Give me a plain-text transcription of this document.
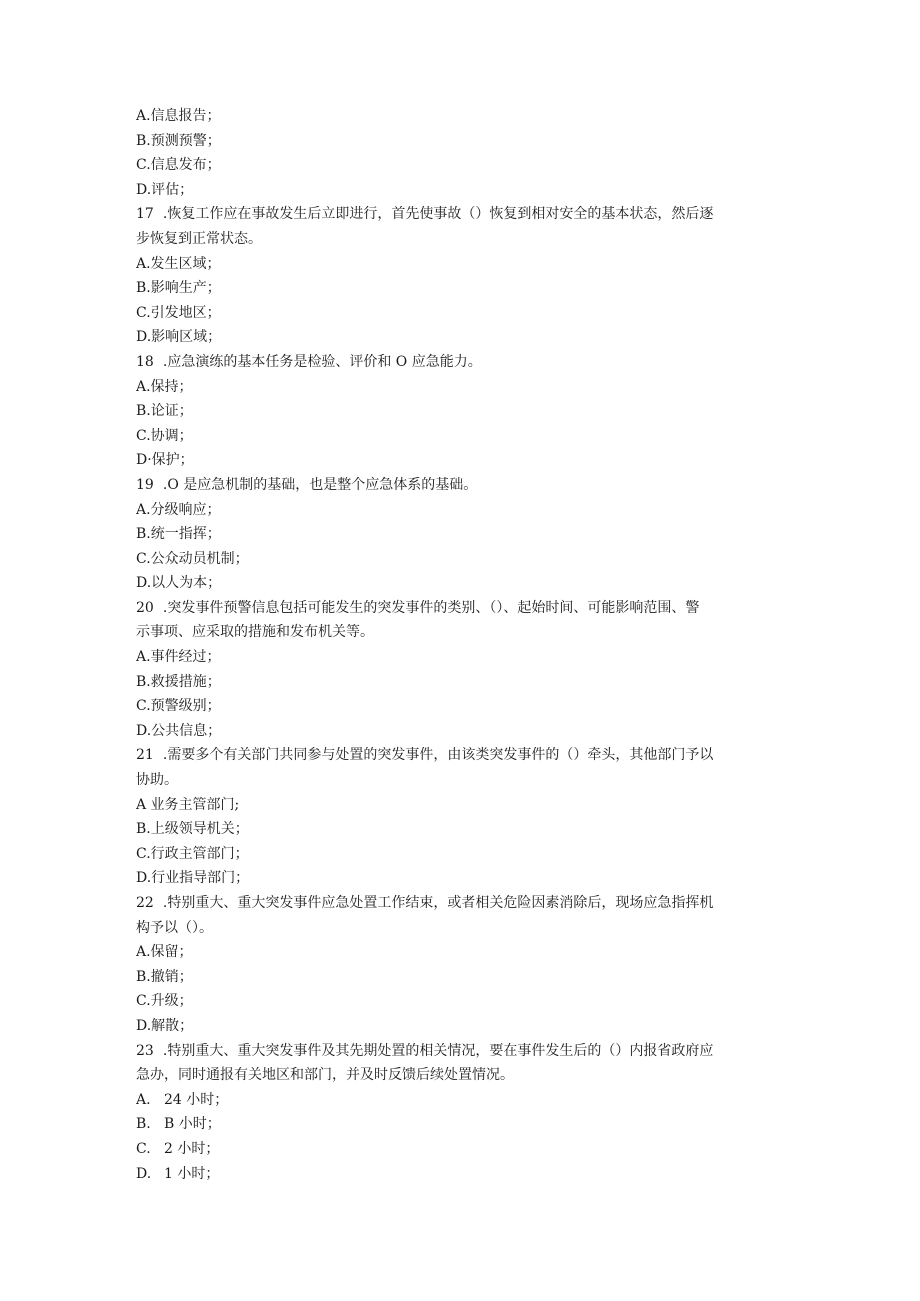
A.信息报告；
B.预测预警；
C.信息发布；
D.评估；
17 .恢复工作应在事故发生后立即进行，首先使事故（）恢复到相对安全的基本状态，然后逐
步恢复到正常状态。
A.发生区域；
B.影响生产；
C.引发地区；
D.影响区域；
18 .应急演练的基本任务是检验、评价和 O 应急能力。
A.保持；
B.论证；
C.协调；
D·保护；
19 .O 是应急机制的基础，也是整个应急体系的基础。
A.分级响应；
B.统一指挥；
C.公众动员机制；
D.以人为本；
20 .突发事件预警信息包括可能发生的突发事件的类别、（）、起始时间、可能影响范围、警
示事项、应采取的措施和发布机关等。
A.事件经过；
B.救援措施；
C.预警级别；
D.公共信息；
21 .需要多个有关部门共同参与处置的突发事件，由该类突发事件的（）牵头，其他部门予以
协助。
A 业务主管部门;
B.上级领导机关；
C.行政主管部门；
D.行业指导部门；
22 .特别重大、重大突发事件应急处置工作结束，或者相关危险因素消除后，现场应急指挥机
构予以（）。
A.保留；
B.撤销；
C.升级；
D.解散；
23 .特别重大、重大突发事件及其先期处置的相关情况，要在事件发生后的（）内报省政府应
急办，同时通报有关地区和部门，并及时反馈后续处置情况。
A. 24 小时；
B. B 小时；
C. 2 小时；
D. 1 小时；
